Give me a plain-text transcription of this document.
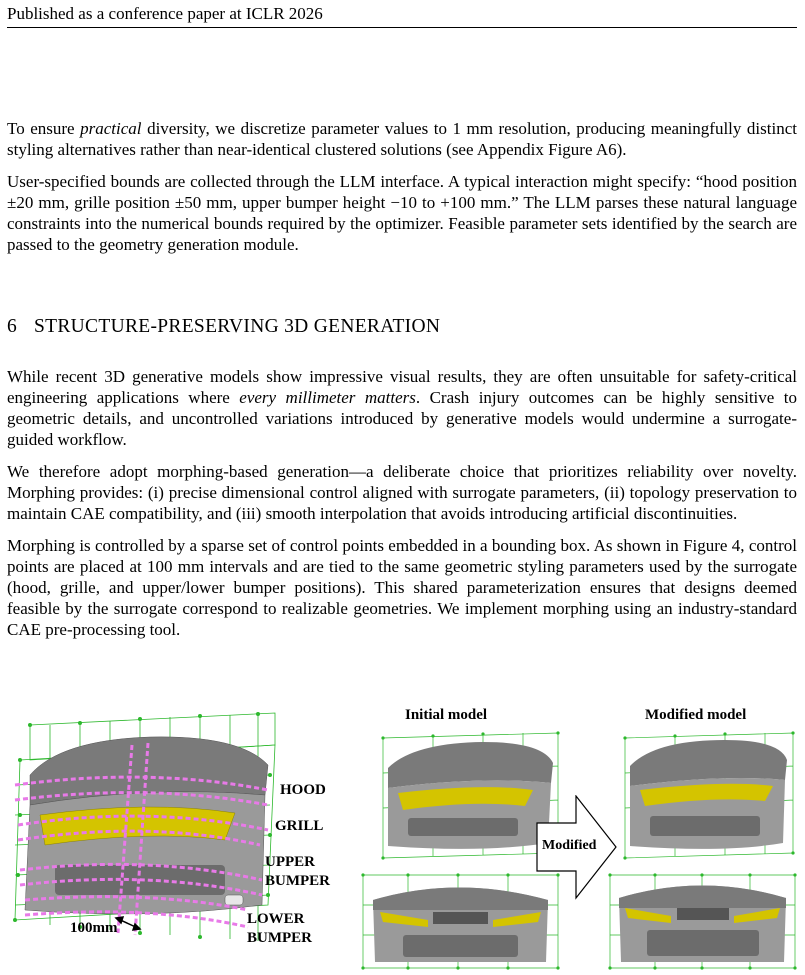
Published as a conference paper at ICLR 2026

To ensure practical diversity, we discretize parameter values to 1 mm resolution, producing meaningfully distinct styling alternatives rather than near-identical clustered solutions (see Appendix Figure A6).

User-specified bounds are collected through the LLM interface. A typical interaction might specify: “hood position ±20 mm, grille position ±50 mm, upper bumper height −10 to +100 mm.” The LLM parses these natural language constraints into the numerical bounds required by the optimizer. Feasible parameter sets identified by the search are passed to the geometry generation module.

6 STRUCTURE-PRESERVING 3D GENERATION

While recent 3D generative models show impressive visual results, they are often unsuitable for safety-critical engineering applications where every millimeter matters. Crash injury outcomes can be highly sensitive to geometric details, and uncontrolled variations introduced by generative models would undermine a surrogate-guided workflow.

We therefore adopt morphing-based generation—a deliberate choice that prioritizes reliability over novelty. Morphing provides: (i) precise dimensional control aligned with surrogate parameters, (ii) topology preservation to maintain CAE compatibility, and (iii) smooth interpolation that avoids introducing artificial discontinuities.

Morphing is controlled by a sparse set of control points embedded in a bounding box. As shown in Figure 4, control points are placed at 100 mm intervals and are tied to the same geometric styling parameters used by the surrogate (hood, grille, and upper/lower bumper positions). This shared parameterization ensures that designs deemed feasible by the surrogate correspond to realizable geometries. We implement morphing using an industry-standard CAE pre-processing tool.

HOOD
GRILL
UPPER
BUMPER
LOWER
BUMPER
100mm
Initial model	Modified model
Modified
